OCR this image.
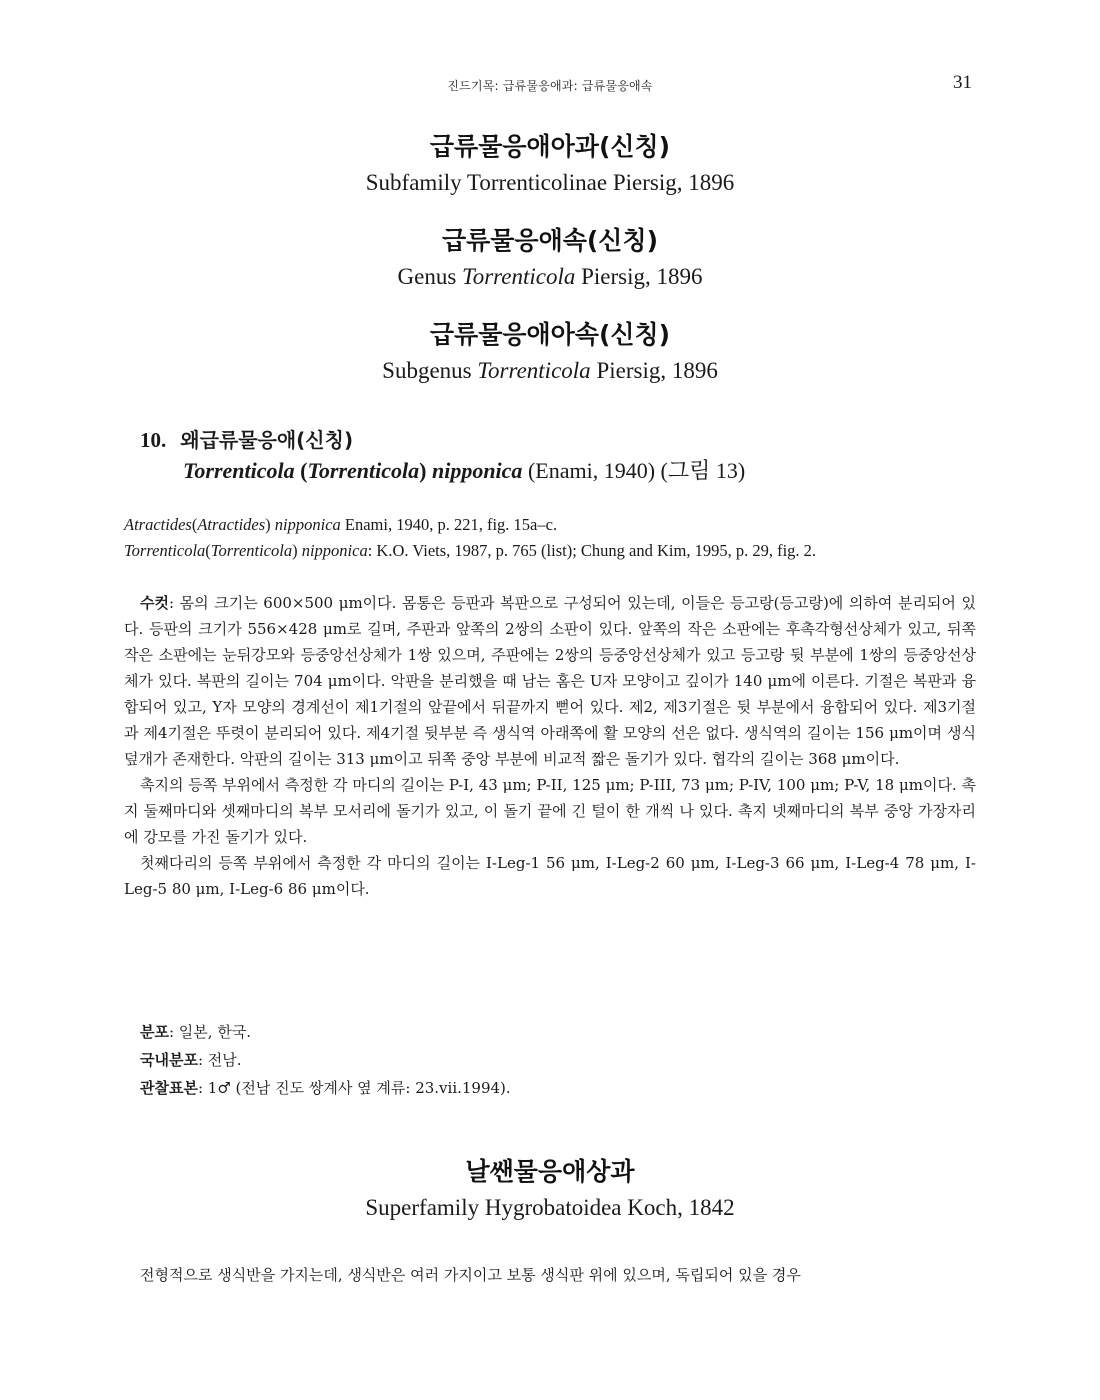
진드기목: 급류물응애과: 급류물응애속	31
급류물응애아과(신칭)
Subfamily Torrenticolinae Piersig, 1896
급류물응애속(신칭)
Genus Torrenticola Piersig, 1896
급류물응애아속(신칭)
Subgenus Torrenticola Piersig, 1896
10. 왜급류물응애(신칭)
Torrenticola (Torrenticola) nipponica (Enami, 1940) (그림 13)
Atractides(Atractides) nipponica Enami, 1940, p. 221, fig. 15a–c.
Torrenticola(Torrenticola) nipponica: K.O. Viets, 1987, p. 765 (list); Chung and Kim, 1995, p. 29, fig. 2.

수컷: 몸의 크기는 600×500 μm이다. 몸통은 등판과 복판으로 구성되어 있는데, 이들은 등고랑(등고랑)에 의하여 분리되어 있다. 등판의 크기가 556×428 μm로 길며, 주판과 앞쪽의 2쌍의 소판이 있다. 앞쪽의 작은 소판에는 후촉각형선상체가 있고, 뒤쪽 작은 소판에는 눈뒤강모와 등중앙선상체가 1쌍 있으며, 주판에는 2쌍의 등중앙선상체가 있고 등고랑 뒷 부분에 1쌍의 등중앙선상체가 있다. 복판의 길이는 704 μm이다. 악판을 분리했을 때 남는 홈은 U자 모양이고 깊이가 140 μm에 이른다. 기절은 복판과 융합되어 있고, Y자 모양의 경계선이 제1기절의 앞끝에서 뒤끝까지 뻗어 있다. 제2, 제3기절은 뒷 부분에서 융합되어 있다. 제3기절과 제4기절은 뚜렷이 분리되어 있다. 제4기절 뒷부분 즉 생식역 아래쪽에 활 모양의 선은 없다. 생식역의 길이는 156 μm이며 생식덮개가 존재한다. 악판의 길이는 313 μm이고 뒤쪽 중앙 부분에 비교적 짧은 돌기가 있다. 협각의 길이는 368 μm이다.

촉지의 등쪽 부위에서 측정한 각 마디의 길이는 P-I, 43 μm; P-II, 125 μm; P-III, 73 μm; P-IV, 100 μm; P-V, 18 μm이다. 촉지 둘째마디와 셋째마디의 복부 모서리에 돌기가 있고, 이 돌기 끝에 긴 털이 한 개씩 나 있다. 촉지 넷째마디의 복부 중앙 가장자리에 강모를 가진 돌기가 있다.

첫째다리의 등쪽 부위에서 측정한 각 마디의 길이는 I-Leg-1 56 μm, I-Leg-2 60 μm, I-Leg-3 66 μm, I-Leg-4 78 μm, I-Leg-5 80 μm, I-Leg-6 86 μm이다.

분포: 일본, 한국.
국내분포: 전남.
관찰표본: 1♂ (전남 진도 쌍계사 옆 계류: 23.vii.1994).
날쌘물응애상과
Superfamily Hygrobatoidea Koch, 1842

전형적으로 생식반을 가지는데, 생식반은 여러 가지이고 보통 생식판 위에 있으며, 독립되어 있을 경우
